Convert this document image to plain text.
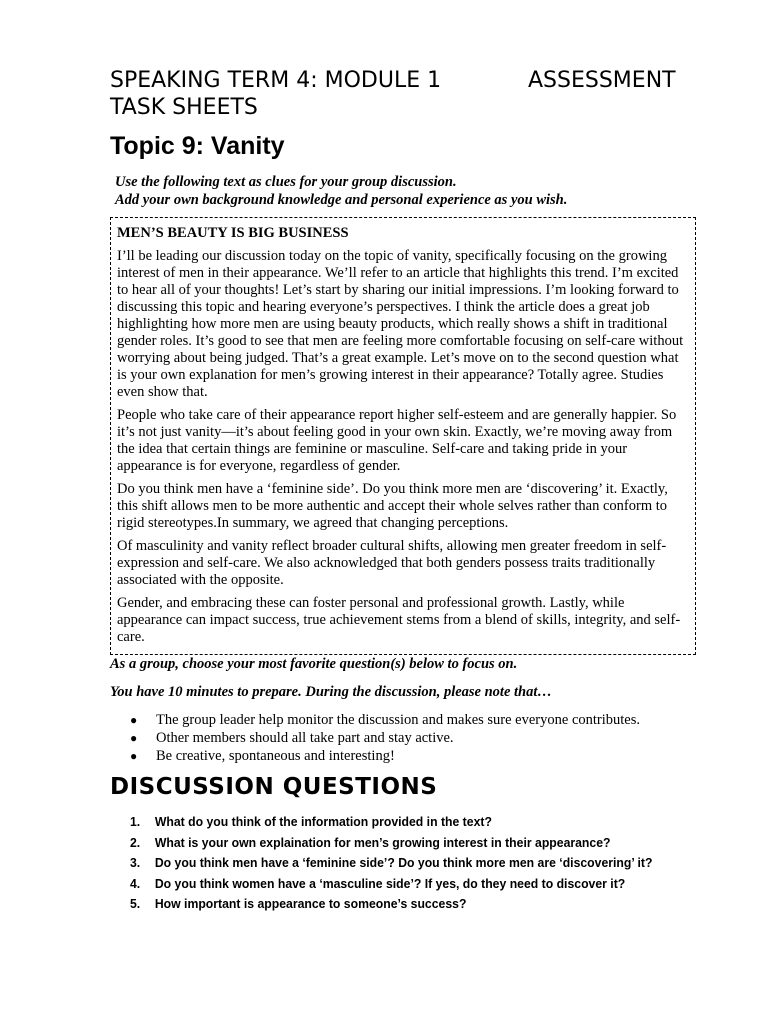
SPEAKING TERM 4: MODULE 1	ASSESSMENT
TASK SHEETS
Topic 9: Vanity
Use the following text as clues for your group discussion.
Add your own background knowledge and personal experience as you wish.
MEN’S BEAUTY IS BIG BUSINESS

I’ll be leading our discussion today on the topic of vanity, specifically focusing on the growing interest of men in their appearance. We’ll refer to an article that highlights this trend. I’m excited to hear all of your thoughts! Let’s start by sharing our initial impressions. I’m looking forward to discussing this topic and hearing everyone’s perspectives. I think the article does a great job highlighting how more men are using beauty products, which really shows a shift in traditional gender roles. It’s good to see that men are feeling more comfortable focusing on self-care without worrying about being judged. That’s a great example. Let’s move on to the second question what is your own explanation for men’s growing interest in their appearance? Totally agree. Studies even show that.

People who take care of their appearance report higher self-esteem and are generally happier. So it’s not just vanity—it’s about feeling good in your own skin. Exactly, we’re moving away from the idea that certain things are feminine or masculine. Self-care and taking pride in your appearance is for everyone, regardless of gender.

Do you think men have a ‘feminine side’. Do you think more men are ‘discovering’ it. Exactly, this shift allows men to be more authentic and accept their whole selves rather than conform to rigid stereotypes.In summary, we agreed that changing perceptions.

Of masculinity and vanity reflect broader cultural shifts, allowing men greater freedom in self-expression and self-care. We also acknowledged that both genders possess traits traditionally associated with the opposite.

Gender, and embracing these can foster personal and professional growth. Lastly, while appearance can impact success, true achievement stems from a blend of skills, integrity, and self-care.

As a group, choose your most favorite question(s) below to focus on.
You have 10 minutes to prepare. During the discussion, please note that…
● The group leader help monitor the discussion and makes sure everyone contributes.
● Other members should all take part and stay active.
● Be creative, spontaneous and interesting!
DISCUSSION QUESTIONS
1. What do you think of the information provided in the text?
2. What is your own explaination for men’s growing interest in their appearance?
3. Do you think men have a ‘feminine side’? Do you think more men are ‘discovering’ it?
4. Do you think women have a ‘masculine side’? If yes, do they need to discover it?
5. How important is appearance to someone’s success?
